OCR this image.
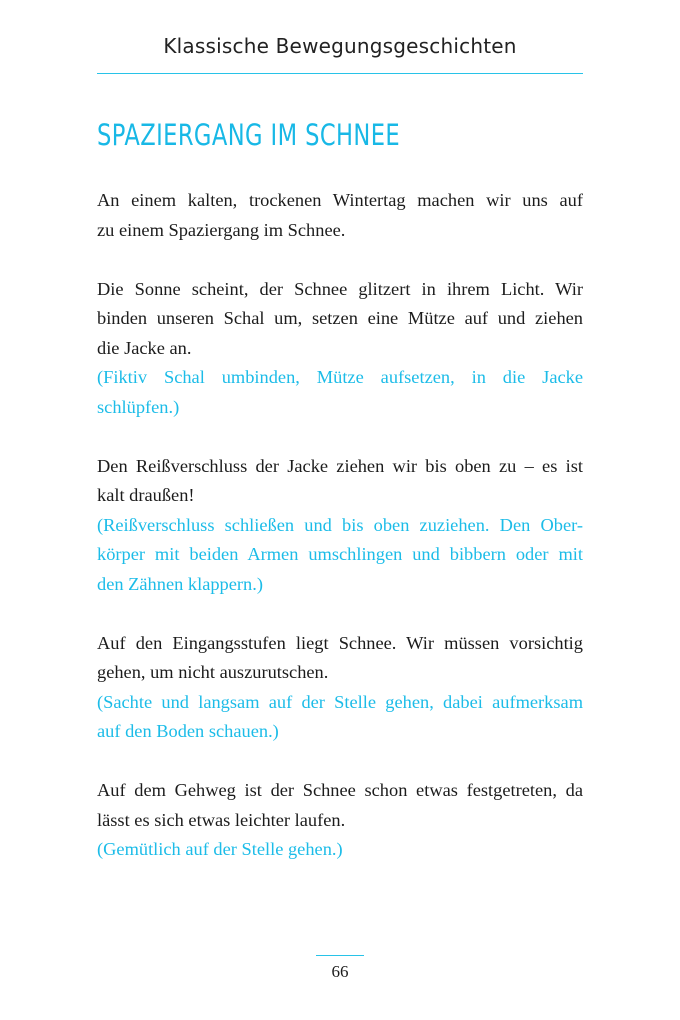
Klassische Bewegungsgeschichten
SPAZIERGANG IM SCHNEE
An einem kalten, trockenen Wintertag machen wir uns auf
zu einem Spaziergang im Schnee.
Die Sonne scheint, der Schnee glitzert in ihrem Licht. Wir
binden unseren Schal um, setzen eine Mütze auf und ziehen
die Jacke an.
(Fiktiv Schal umbinden, Mütze aufsetzen, in die Jacke
schlüpfen.)
Den Reißverschluss der Jacke ziehen wir bis oben zu – es ist
kalt draußen!
(Reißverschluss schließen und bis oben zuziehen. Den Ober-
körper mit beiden Armen umschlingen und bibbern oder mit
den Zähnen klappern.)
Auf den Eingangsstufen liegt Schnee. Wir müssen vorsichtig
gehen, um nicht auszurutschen.
(Sachte und langsam auf der Stelle gehen, dabei aufmerksam
auf den Boden schauen.)
Auf dem Gehweg ist der Schnee schon etwas festgetreten, da
lässt es sich etwas leichter laufen.
(Gemütlich auf der Stelle gehen.)
66
